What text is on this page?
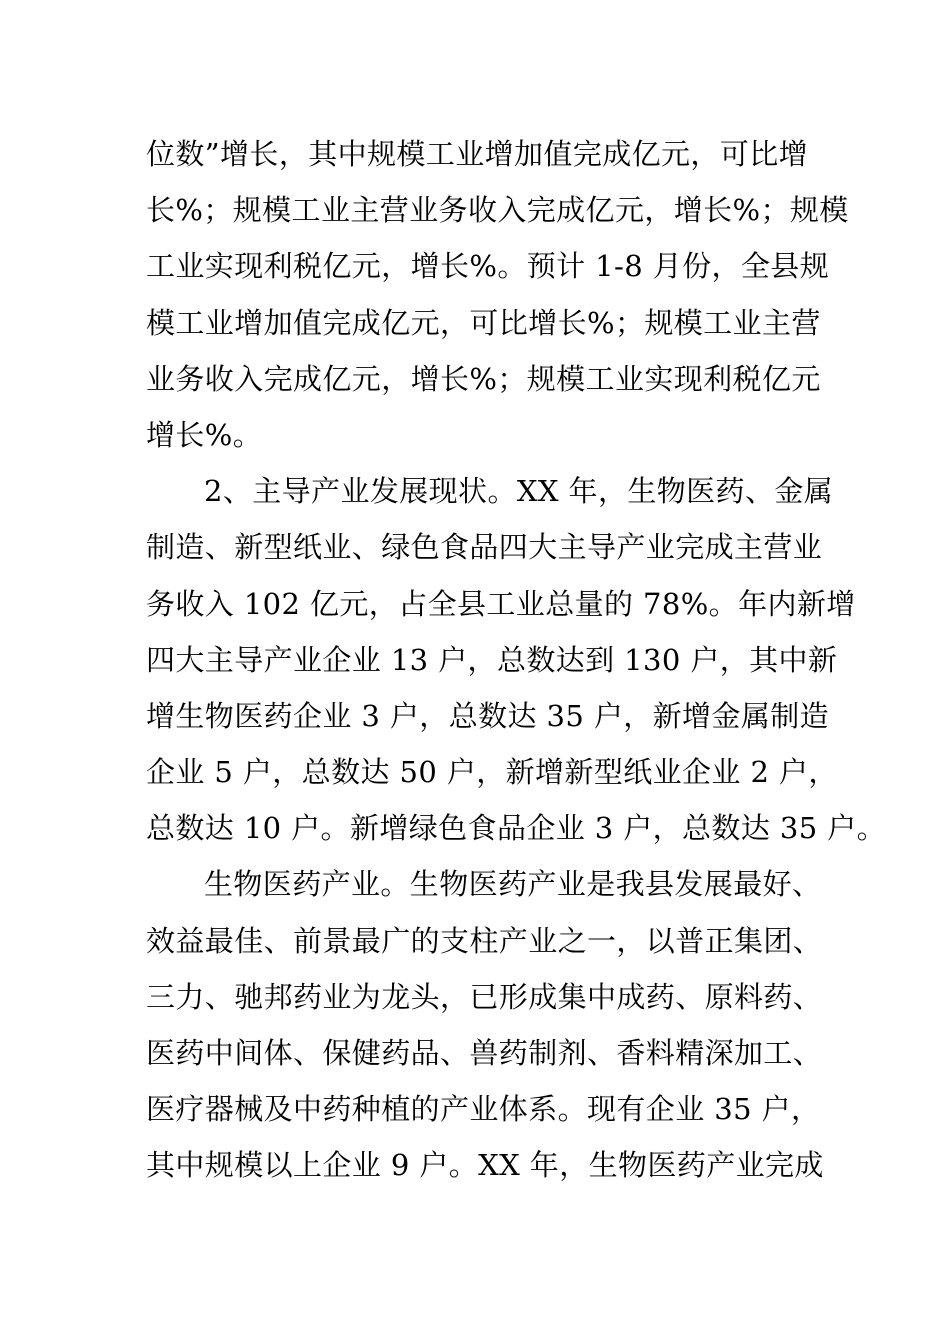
位数”增长，其中规模工业增加值完成亿元，可比增
长%；规模工业主营业务收入完成亿元，增长%；规模
工业实现利税亿元，增长%。预计 1-8 月份，全县规
模工业增加值完成亿元，可比增长%；规模工业主营
业务收入完成亿元，增长%；规模工业实现利税亿元
增长%。
2、主导产业发展现状。XX 年，生物医药、金属
制造、新型纸业、绿色食品四大主导产业完成主营业
务收入 102 亿元，占全县工业总量的 78%。年内新增
四大主导产业企业 13 户，总数达到 130 户，其中新
增生物医药企业 3 户，总数达 35 户，新增金属制造
企业 5 户，总数达 50 户，新增新型纸业企业 2 户，
总数达 10 户。新增绿色食品企业 3 户，总数达 35 户。
生物医药产业。生物医药产业是我县发展最好、
效益最佳、前景最广的支柱产业之一，以普正集团、
三力、驰邦药业为龙头，已形成集中成药、原料药、
医药中间体、保健药品、兽药制剂、香料精深加工、
医疗器械及中药种植的产业体系。现有企业 35 户，
其中规模以上企业 9 户。XX 年，生物医药产业完成
